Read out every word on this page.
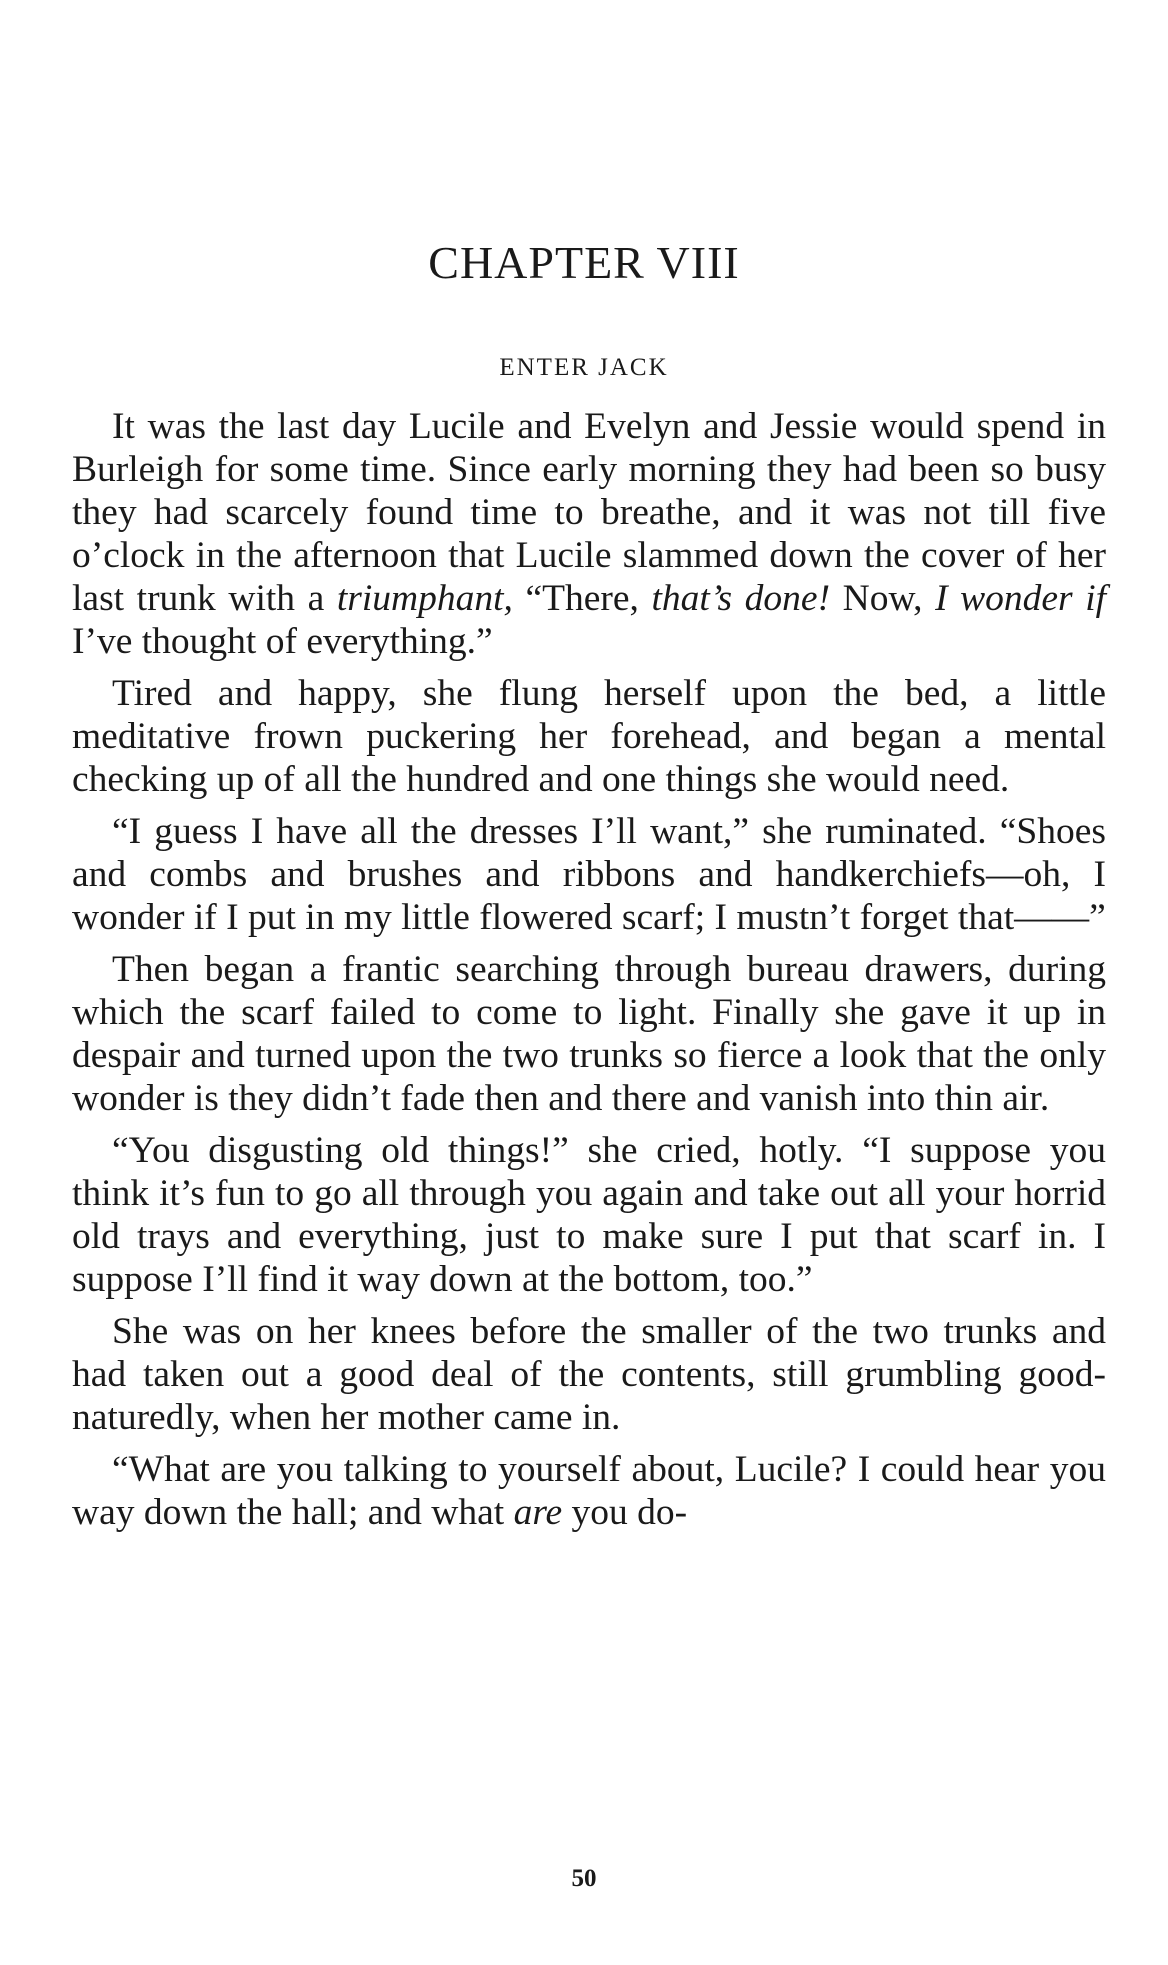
CHAPTER VIII
ENTER JACK

It was the last day Lucile and Evelyn and Jessie would spend in Burleigh for some time. Since early morning they had been so busy they had scarcely found time to breathe, and it was not till five o’clock in the afternoon that Lucile slammed down the cover of her last trunk with a triumphant, “There, that’s done! Now, I wonder if I’ve thought of everything.”

Tired and happy, she flung herself upon the bed, a little meditative frown puckering her forehead, and began a mental checking up of all the hundred and one things she would need.

“I guess I have all the dresses I’ll want,” she ruminated. “Shoes and combs and brushes and ribbons and handkerchiefs—oh, I wonder if I put in my little flowered scarf; I mustn’t forget that——”

Then began a frantic searching through bureau drawers, during which the scarf failed to come to light. Finally she gave it up in despair and turned upon the two trunks so fierce a look that the only wonder is they didn’t fade then and there and vanish into thin air.

“You disgusting old things!” she cried, hotly. “I suppose you think it’s fun to go all through you again and take out all your horrid old trays and everything, just to make sure I put that scarf in. I suppose I’ll find it way down at the bottom, too.”

She was on her knees before the smaller of the two trunks and had taken out a good deal of the contents, still grumbling good-naturedly, when her mother came in.

“What are you talking to yourself about, Lucile? I could hear you way down the hall; and what are you do-

50
